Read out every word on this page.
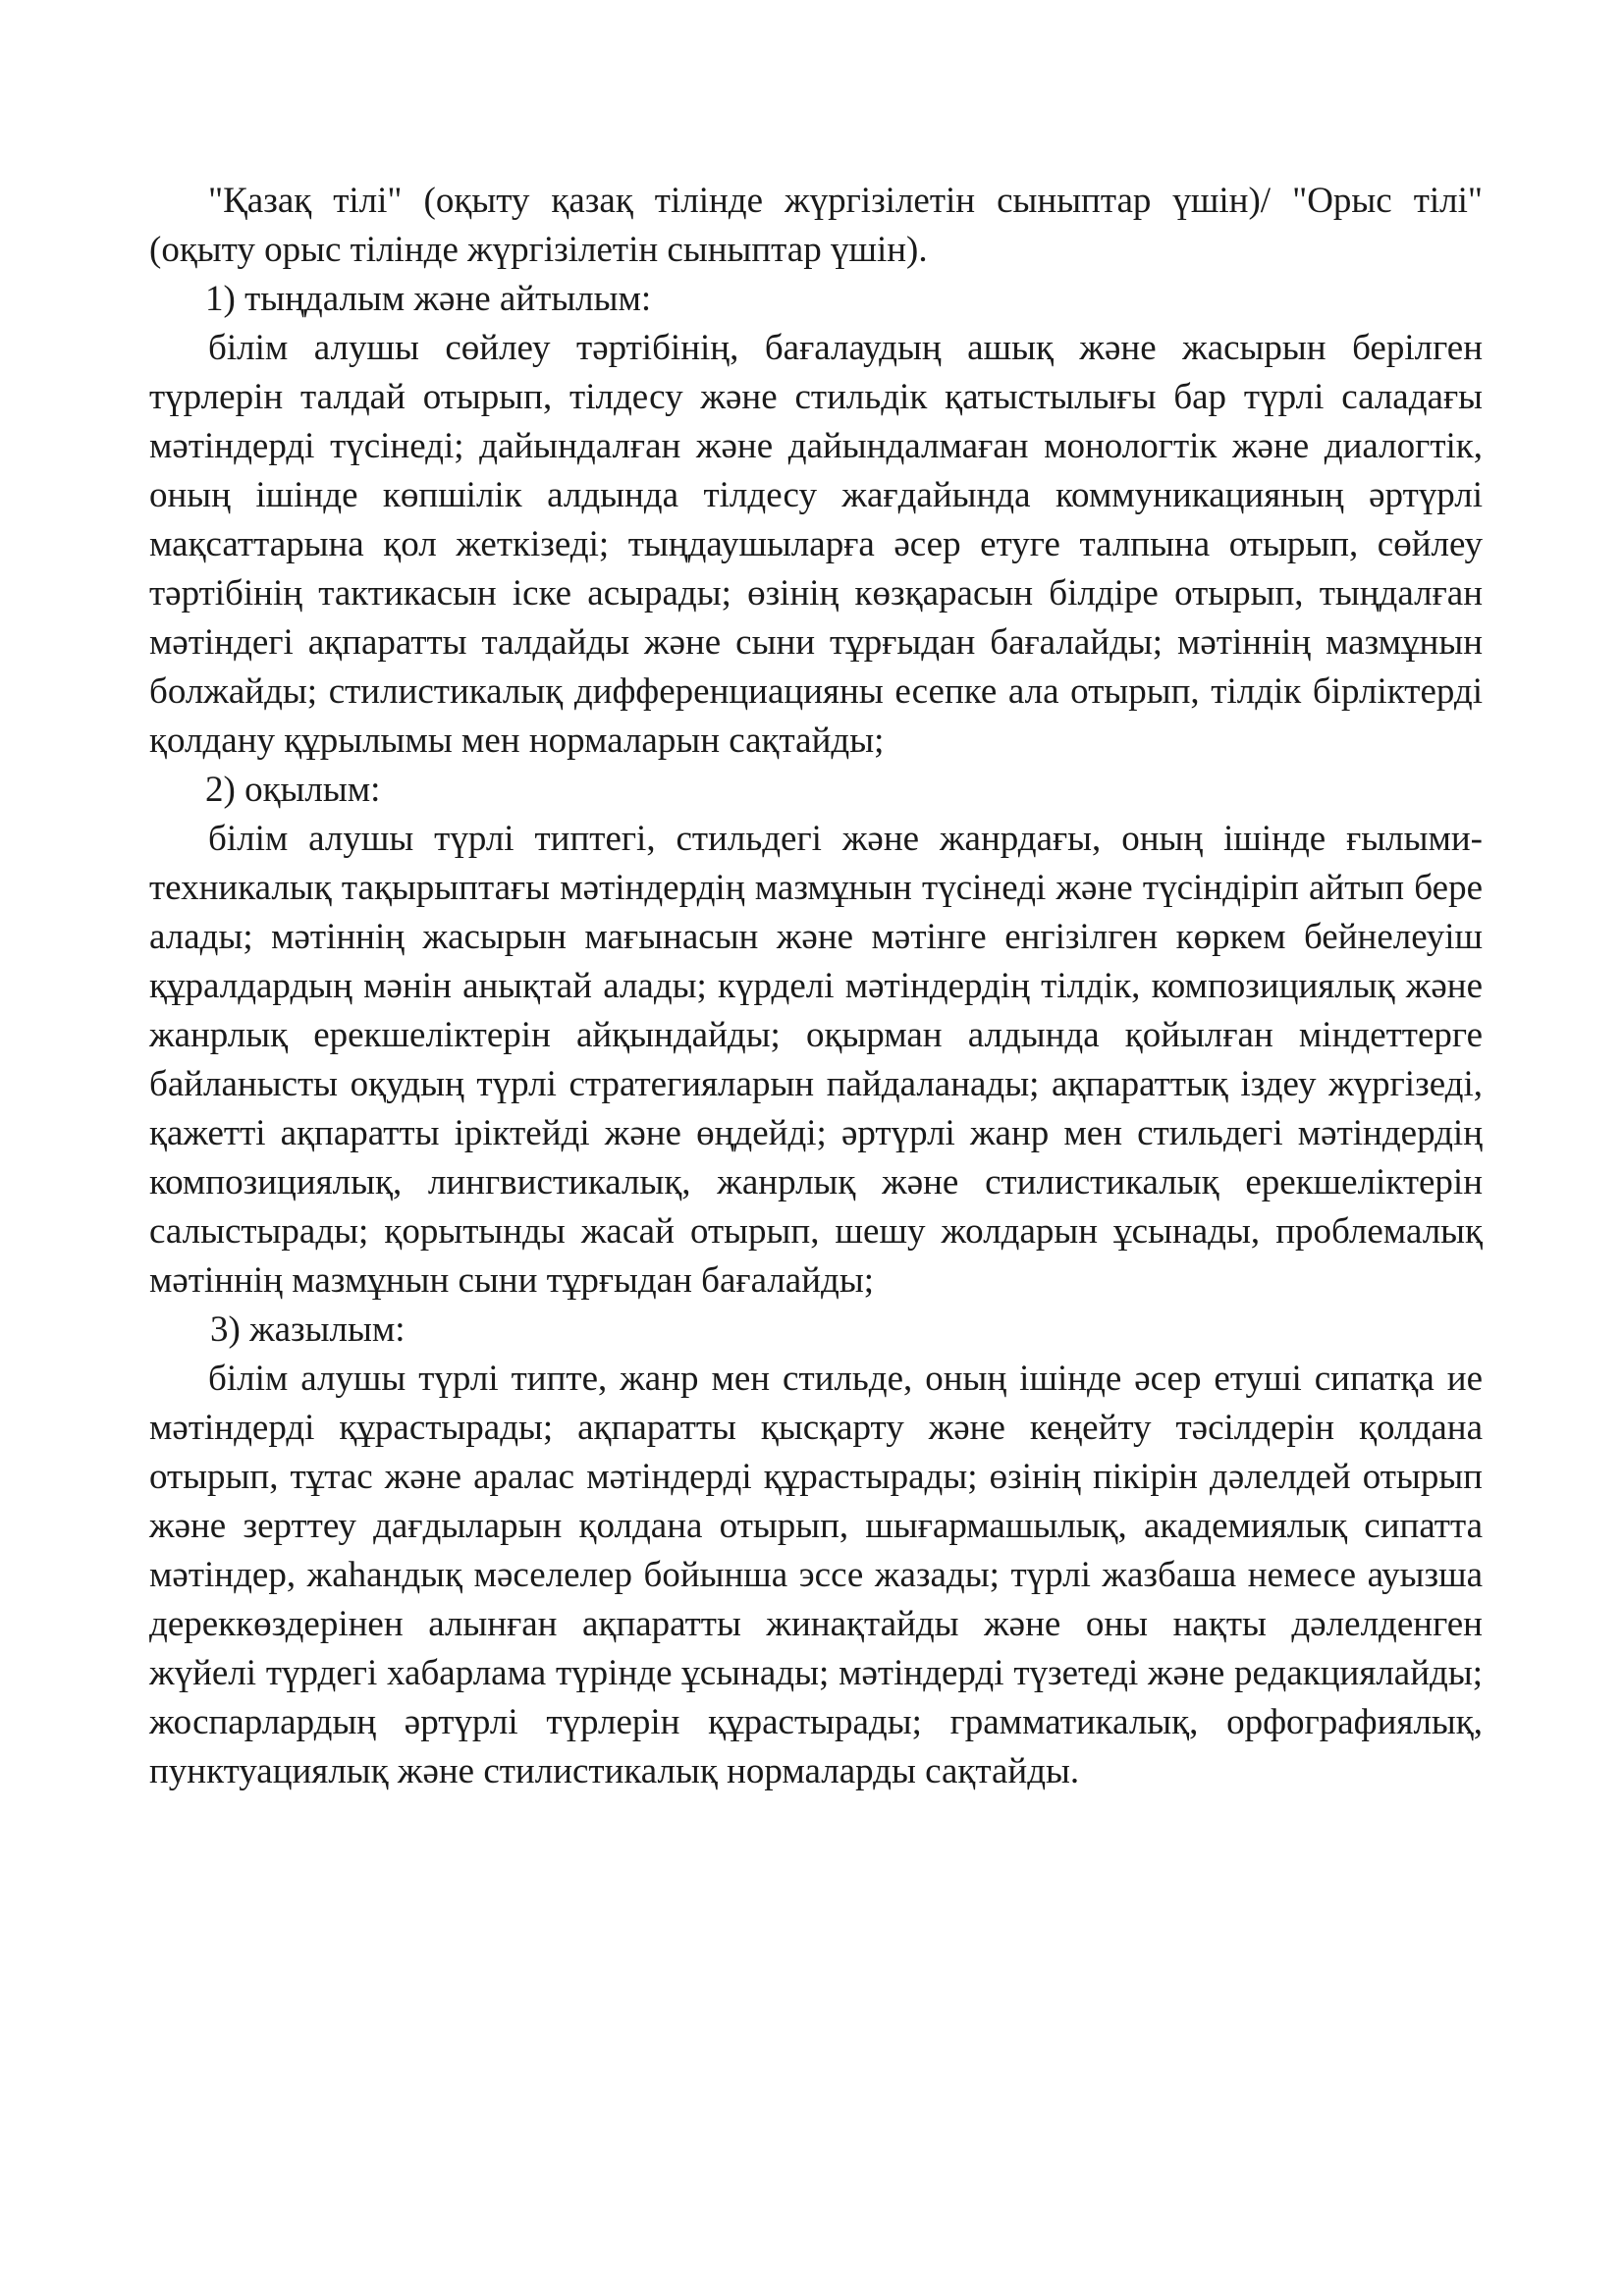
"Қазақ тілі" (оқыту қазақ тілінде жүргізілетін сыныптар үшін)/ "Орыс тілі" (оқыту орыс тілінде жүргізілетін сыныптар үшін).

1) тыңдалым және айтылым:

білім алушы сөйлеу тәртібінің, бағалаудың ашық және жасырын берілген түрлерін талдай отырып, тілдесу және стильдік қатыстылығы бар түрлі саладағы мәтіндерді түсінеді; дайындалған және дайындалмаған монологтік және диалогтік, оның ішінде көпшілік алдында тілдесу жағдайында коммуникацияның әртүрлі мақсаттарына қол жеткізеді; тыңдаушыларға әсер етуге талпына отырып, сөйлеу тәртібінің тактикасын іске асырады; өзінің көзқарасын білдіре отырып, тыңдалған мәтіндегі ақпаратты талдайды және сыни тұрғыдан бағалайды; мәтіннің мазмұнын болжайды; стилистикалық дифференциацияны есепке ала отырып, тілдік бірліктерді қолдану құрылымы мен нормаларын сақтайды;

2) оқылым:

білім алушы түрлі типтегі, стильдегі және жанрдағы, оның ішінде ғылыми-техникалық тақырыптағы мәтіндердің мазмұнын түсінеді және түсіндіріп айтып бере алады; мәтіннің жасырын мағынасын және мәтінге енгізілген көркем бейнелеуіш құралдардың мәнін анықтай алады; күрделі мәтіндердің тілдік, композициялық және жанрлық ерекшеліктерін айқындайды; оқырман алдында қойылған міндеттерге байланысты оқудың түрлі стратегияларын пайдаланады; ақпараттық іздеу жүргізеді, қажетті ақпаратты іріктейді және өңдейді; әртүрлі жанр мен стильдегі мәтіндердің композициялық, лингвистикалық, жанрлық және стилистикалық ерекшеліктерін салыстырады; қорытынды жасай отырып, шешу жолдарын ұсынады, проблемалық мәтіннің мазмұнын сыни тұрғыдан бағалайды;

3) жазылым:

білім алушы түрлі типте, жанр мен стильде, оның ішінде әсер етуші сипатқа ие мәтіндерді құрастырады; ақпаратты қысқарту және кеңейту тәсілдерін қолдана отырып, тұтас және аралас мәтіндерді құрастырады; өзінің пікірін дәлелдей отырып және зерттеу дағдыларын қолдана отырып, шығармашылық, академиялық сипатта мәтіндер, жаһандық мәселелер бойынша эссе жазады; түрлі жазбаша немесе ауызша дереккөздерінен алынған ақпаратты жинақтайды және оны нақты дәлелденген жүйелі түрдегі хабарлама түрінде ұсынады; мәтіндерді түзетеді және редакциялайды; жоспарлардың әртүрлі түрлерін құрастырады; грамматикалық, орфографиялық, пунктуациялық және стилистикалық нормаларды сақтайды.
